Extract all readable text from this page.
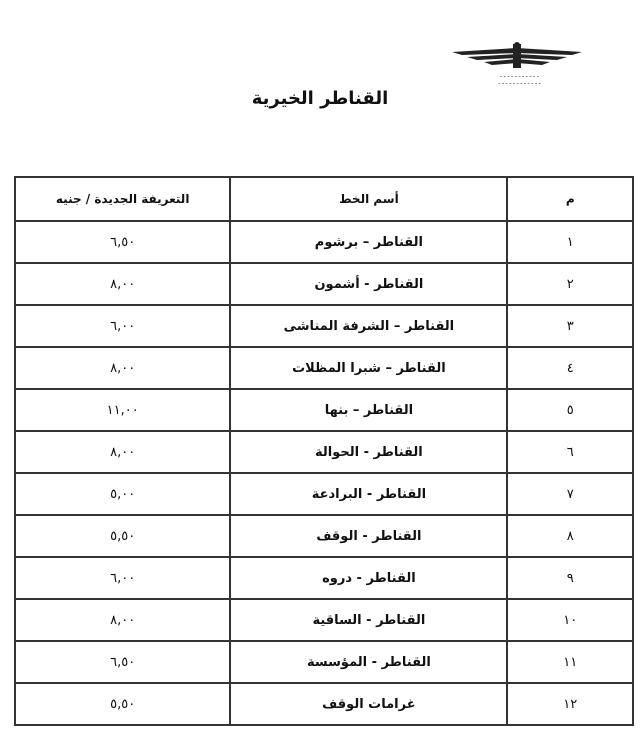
ـ ـ ـ ـ ـ ـ ـ ـ ـ ـ ـ
ـ ـ ـ ـ ـ ـ ـ ـ ـ ـ ـ ـ
القناطر الخيرية
م	أسم الخط	التعريفة الجديدة / جنيه
١	القناطر – برشوم	٦,٥٠
٢	القناطر - أشمون	٨,٠٠
٣	القناطر – الشرفة المناشى	٦,٠٠
٤	القناطر – شبرا المظلات	٨,٠٠
٥	القناطر – بنها	١١,٠٠
٦	القناطر - الحوالة	٨,٠٠
٧	القناطر - البرادعة	٥,٠٠
٨	القناطر - الوقف	٥,٥٠
٩	القناطر - دروه	٦,٠٠
١٠	القناطر - الساقية	٨,٠٠
١١	القناطر - المؤسسة	٦,٥٠
١٢	غرامات الوقف	٥,٥٠
